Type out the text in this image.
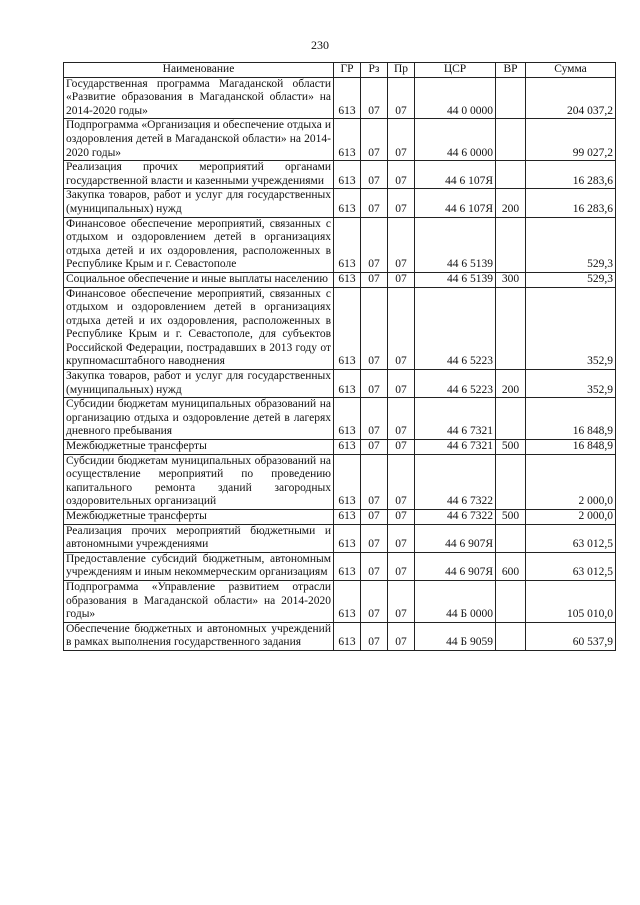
230
Наименование	ГР	Рз	Пр	ЦСР	ВР	Сумма
Государственная программа Магаданской области «Развитие образования в Магаданской области» на 2014-2020 годы»	613	07	07	44 0 0000		204 037,2
Подпрограмма «Организация и обеспечение отдыха и оздоровления детей в Магаданской области» на 2014-2020 годы»	613	07	07	44 6 0000		99 027,2
Реализация прочих мероприятий органами государственной власти и казенными учреждениями	613	07	07	44 6 107Я		16 283,6
Закупка товаров, работ и услуг для государственных (муниципальных) нужд	613	07	07	44 6 107Я	200	16 283,6
Финансовое обеспечение мероприятий, связанных с отдыхом и оздоровлением детей в организациях отдыха детей и их оздоровления, расположенных в Республике Крым и г. Севастополе	613	07	07	44 6 5139		529,3
Социальное обеспечение и иные выплаты населению	613	07	07	44 6 5139	300	529,3
Финансовое обеспечение мероприятий, связанных с отдыхом и оздоровлением детей в организациях отдыха детей и их оздоровления, расположенных в Республике Крым и г. Севастополе, для субъектов Российской Федерации, пострадавших в 2013 году от крупномасштабного наводнения	613	07	07	44 6 5223		352,9
Закупка товаров, работ и услуг для государственных (муниципальных) нужд	613	07	07	44 6 5223	200	352,9
Субсидии бюджетам муниципальных образований на организацию отдыха и оздоровление детей в лагерях дневного пребывания	613	07	07	44 6 7321		16 848,9
Межбюджетные трансферты	613	07	07	44 6 7321	500	16 848,9
Субсидии бюджетам муниципальных образований на осуществление мероприятий по проведению капитального ремонта зданий загородных оздоровительных организаций	613	07	07	44 6 7322		2 000,0
Межбюджетные трансферты	613	07	07	44 6 7322	500	2 000,0
Реализация прочих мероприятий бюджетными и автономными учреждениями	613	07	07	44 6 907Я		63 012,5
Предоставление субсидий бюджетным, автономным учреждениям и иным некоммерческим организациям	613	07	07	44 6 907Я	600	63 012,5
Подпрограмма «Управление развитием отрасли образования в Магаданской области» на 2014-2020 годы»	613	07	07	44 Б 0000		105 010,0
Обеспечение бюджетных и автономных учреждений в рамках выполнения государственного задания	613	07	07	44 Б 9059		60 537,9
